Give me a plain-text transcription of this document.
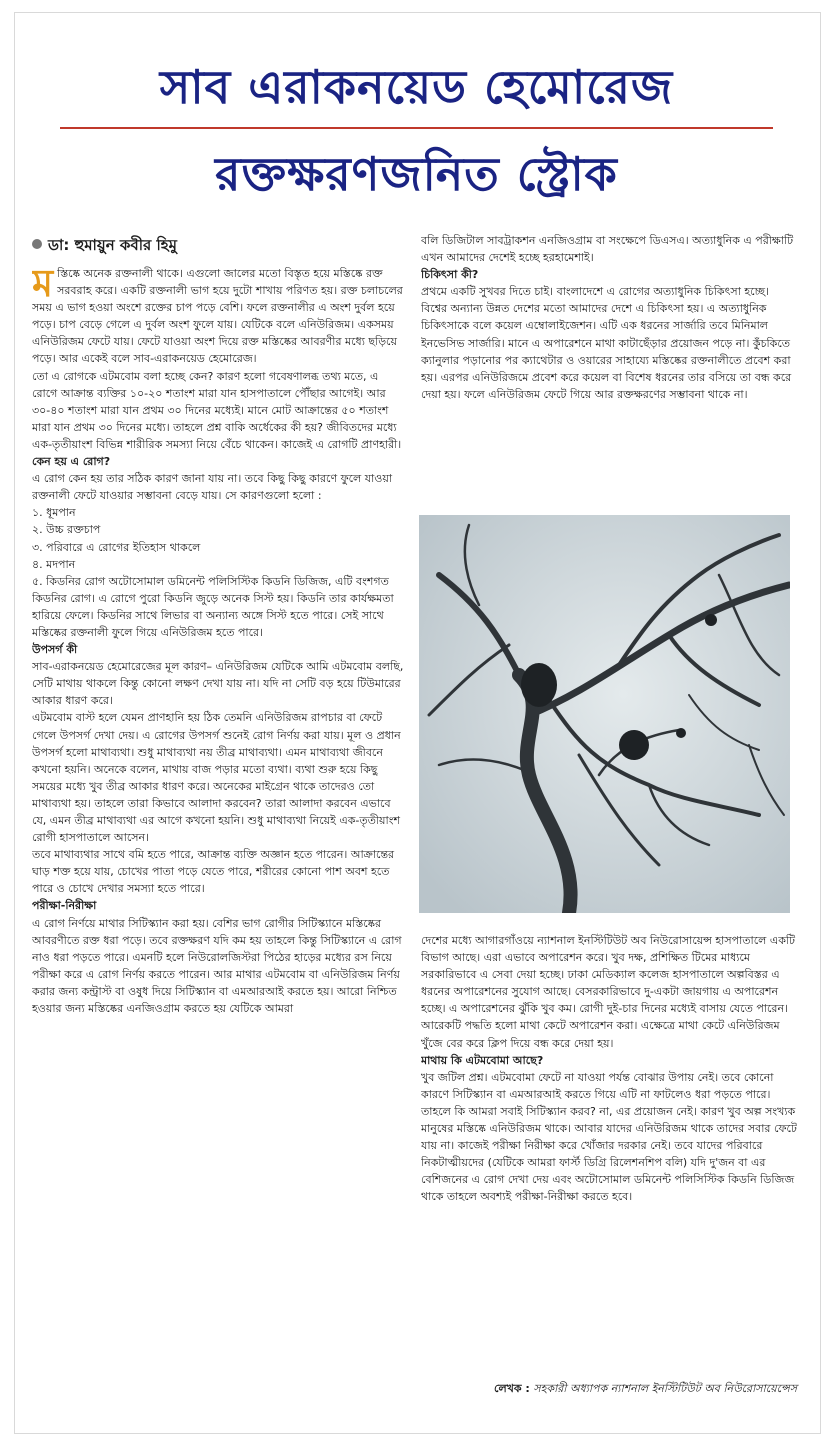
সাব এরাকনয়েড হেমোরেজ
রক্তক্ষরণজনিত স্ট্রোক
ডা: হুমায়ুন কবীর হিমু

মস্তিষ্কে অনেক রক্তনালী থাকে। এগুলো জালের মতো বিস্তৃত হয়ে মস্তিষ্কে রক্ত সরবরাহ করে। একটি রক্তনালী ভাগ হয়ে দুটো শাখায় পরিণত হয়। রক্ত চলাচলের সময় এ ভাগ হওয়া অংশে রক্তের চাপ পড়ে বেশি। ফলে রক্তনালীর এ অংশ দুর্বল হয়ে পড়ে। চাপ বেড়ে গেলে এ দুর্বল অংশ ফুলে যায়। যেটিকে বলে এনিউরিজম। একসময় এনিউরিজম ফেটে যায়। ফেটে যাওয়া অংশ দিয়ে রক্ত মস্তিষ্কের আবরণীর মধ্যে ছড়িয়ে পড়ে। আর একেই বলে সাব-এরাকনয়েড হেমোরেজ।

তো এ রোগকে এটমবোম বলা হচ্ছে কেন? কারণ হলো গবেষণালব্ধ তথ্য মতে, এ রোগে আক্রান্ত ব্যক্তির ১০-২০ শতাংশ মারা যান হাসপাতালে পৌঁছার আগেই। আর ৩০-৪০ শতাংশ মারা যান প্রথম ৩০ দিনের মধ্যেই। মানে মোট আক্রান্তের ৫০ শতাংশ মারা যান প্রথম ৩০ দিনের মধ্যে। তাহলে প্রশ্ন বাকি অর্ধেকের কী হয়? জীবিতদের মধ্যে এক-তৃতীয়াংশ বিভিন্ন শারীরিক সমস্যা নিয়ে বেঁচে থাকেন। কাজেই এ রোগটি প্রাণহারী।

কেন হয় এ রোগ?

এ রোগ কেন হয় তার সঠিক কারণ জানা যায় না। তবে কিছু কিছু কারণে ফুলে যাওয়া রক্তনালী ফেটে যাওয়ার সম্ভাবনা বেড়ে যায়। সে কারণগুলো হলো :

১. ধূমপান

২. উচ্চ রক্তচাপ

৩. পরিবারে এ রোগের ইতিহাস থাকলে

৪. মদপান

৫. কিডনির রোগ অটোসোমাল ডমিনেন্ট পলিসিস্টিক কিডনি ডিজিজ, এটি বংশগত কিডনির রোগ। এ রোগে পুরো কিডনি জুড়ে অনেক সিস্ট হয়। কিডনি তার কার্যক্ষমতা হারিয়ে ফেলে। কিডনির সাথে লিভার বা অন্যান্য অঙ্গে সিস্ট হতে পারে। সেই সাথে মস্তিষ্কের রক্তনালী ফুলে গিয়ে এনিউরিজম হতে পারে।

উপসর্গ কী

সাব-এরাকনয়েড হেমোরেজের মূল কারণ– এনিউরিজম যেটিকে আমি এটমবোম বলছি, সেটি মাথায় থাকলে কিন্তু কোনো লক্ষণ দেখা যায় না। যদি না সেটি বড় হয়ে টিউমারের আকার ধারণ করে।

এটমবোম বাস্ট হলে যেমন প্রাণহানি হয় ঠিক তেমনি এনিউরিজম রাপচার বা ফেটে গেলে উপসর্গ দেখা দেয়। এ রোগের উপসর্গ শুনেই রোগ নির্ণয় করা যায়। মূল ও প্রধান উপসর্গ হলো মাথাব্যথা। শুধু মাথাব্যথা নয় তীব্র মাথাব্যথা। এমন মাথাব্যথা জীবনে কখনো হয়নি। অনেকে বলেন, মাথায় বাজ পড়ার মতো ব্যথা। ব্যথা শুরু হয়ে কিছু সময়ের মধ্যে খুব তীব্র আকার ধারণ করে। অনেকের মাইগ্রেন থাকে তাদেরও তো মাথাব্যথা হয়। তাহলে তারা কিভাবে আলাদা করবেন? তারা আলাদা করবেন এভাবে যে, এমন তীব্র মাথাব্যথা এর আগে কখনো হয়নি। শুধু মাথাব্যথা নিয়েই এক-তৃতীয়াংশ রোগী হাসপাতালে আসেন।

তবে মাথাব্যথার সাথে বমি হতে পারে, আক্রান্ত ব্যক্তি অজ্ঞান হতে পারেন। আক্রান্তের ঘাড় শক্ত হয়ে যায়, চোখের পাতা পড়ে যেতে পারে, শরীরের কোনো পাশ অবশ হতে পারে ও চোখে দেখার সমস্যা হতে পারে।

পরীক্ষা-নিরীক্ষা

এ রোগ নির্ণয়ে মাথার সিটিস্ক্যান করা হয়। বেশির ভাগ রোগীর সিটিস্ক্যানে মস্তিষ্কের আবরণীতে রক্ত ধরা পড়ে। তবে রক্তক্ষরণ যদি কম হয় তাহলে কিন্তু সিটিস্ক্যানে এ রোগ নাও ধরা পড়তে পারে। এমনটি হলে নিউরোলজিস্টরা পিঠের হাড়ের মধ্যের রস নিয়ে পরীক্ষা করে এ রোগ নির্ণয় করতে পারেন। আর মাথার এটমবোম বা এনিউরিজম নির্ণয় করার জন্য কন্ট্রাস্ট বা ওষুধ দিয়ে সিটিস্ক্যান বা এমআরআই করতে হয়। আরো নিশ্চিত হওয়ার জন্য মস্তিষ্কের এনজিওগ্রাম করতে হয় যেটিকে আমরা

বলি ডিজিটাল সাবট্রাকশন এনজিওগ্রাম বা সংক্ষেপে ডিএসএ। অত্যাধুনিক এ পরীক্ষাটি এখন আমাদের দেশেই হচ্ছে হরহামেশাই।

চিকিৎসা কী?

প্রথমে একটি সুখবর দিতে চাই। বাংলাদেশে এ রোগের অত্যাধুনিক চিকিৎসা হচ্ছে। বিশ্বের অন্যান্য উন্নত দেশের মতো আমাদের দেশে এ চিকিৎসা হয়। এ অত্যাধুনিক চিকিৎসাকে বলে কয়েল এম্বোলাইজেশন। এটি এক ধরনের সার্জারি তবে মিনিমাল ইনভেসিভ সার্জারি। মানে এ অপারেশনে মাথা কাটাছেঁড়ার প্রয়োজন পড়ে না। কুঁচকিতে ক্যানুলার পড়ানোর পর ক্যাথেটার ও ওয়ারের সাহায্যে মস্তিষ্কের রক্তনালীতে প্রবেশ করা হয়। এরপর এনিউরিজমে প্রবেশ করে কয়েল বা বিশেষ ধরনের তার বসিয়ে তা বন্ধ করে দেয়া হয়। ফলে এনিউরিজম ফেটে গিয়ে আর রক্তক্ষরণের সম্ভাবনা থাকে না।

দেশের মধ্যে আগারগাঁওয়ে ন্যাশনাল ইনস্টিটিউট অব নিউরোসায়েন্স হাসপাতালে একটি বিভাগ আছে। এরা এভাবে অপারেশন করে। খুব দক্ষ, প্রশিক্ষিত টিমের মাধ্যমে সরকারিভাবে এ সেবা দেয়া হচ্ছে। ঢাকা মেডিক্যাল কলেজ হাসপাতালে অল্পবিস্তর এ ধরনের অপারেশনের সুযোগ আছে। বেসরকারিভাবে দু-একটা জায়গায় এ অপারেশন হচ্ছে। এ অপারেশনের ঝুঁকি খুব কম। রোগী দুই-চার দিনের মধ্যেই বাসায় যেতে পারেন।

আরেকটি পদ্ধতি হলো মাথা কেটে অপারেশন করা। এক্ষেত্রে মাথা কেটে এনিউরিজম খুঁজে বের করে ক্লিপ দিয়ে বন্ধ করে দেয়া হয়।

মাথায় কি এটমবোমা আছে?

খুব জটিল প্রশ্ন। এটমবোমা ফেটে না যাওয়া পর্যন্ত বোঝার উপায় নেই। তবে কোনো কারণে সিটিস্ক্যান বা এমআরআই করতে গিয়ে এটি না ফাটলেও ধরা পড়তে পারে। তাহলে কি আমরা সবাই সিটিস্ক্যান করব? না, এর প্রয়োজন নেই। কারণ খুব অল্প সংখ্যক মানুষের মস্তিষ্কে এনিউরিজম থাকে। আবার যাদের এনিউরিজম থাকে তাদের সবার ফেটে যায় না। কাজেই পরীক্ষা নিরীক্ষা করে খোঁজার দরকার নেই। তবে যাদের পরিবারে নিকটাত্মীয়দের (যেটিকে আমরা ফার্স্ট ডিগ্রি রিলেশনশিপ বলি) যদি দু'জন বা এর বেশিজনের এ রোগ দেখা দেয় এবং অটোসোমাল ডমিনেন্ট পলিসিস্টিক কিডনি ডিজিজ থাকে তাহলে অবশ্যই পরীক্ষা-নিরীক্ষা করতে হবে।

লেখক : সহকারী অধ্যাপক ন্যাশনাল ইনস্টিটিউট অব নিউরোসায়েন্সেস
